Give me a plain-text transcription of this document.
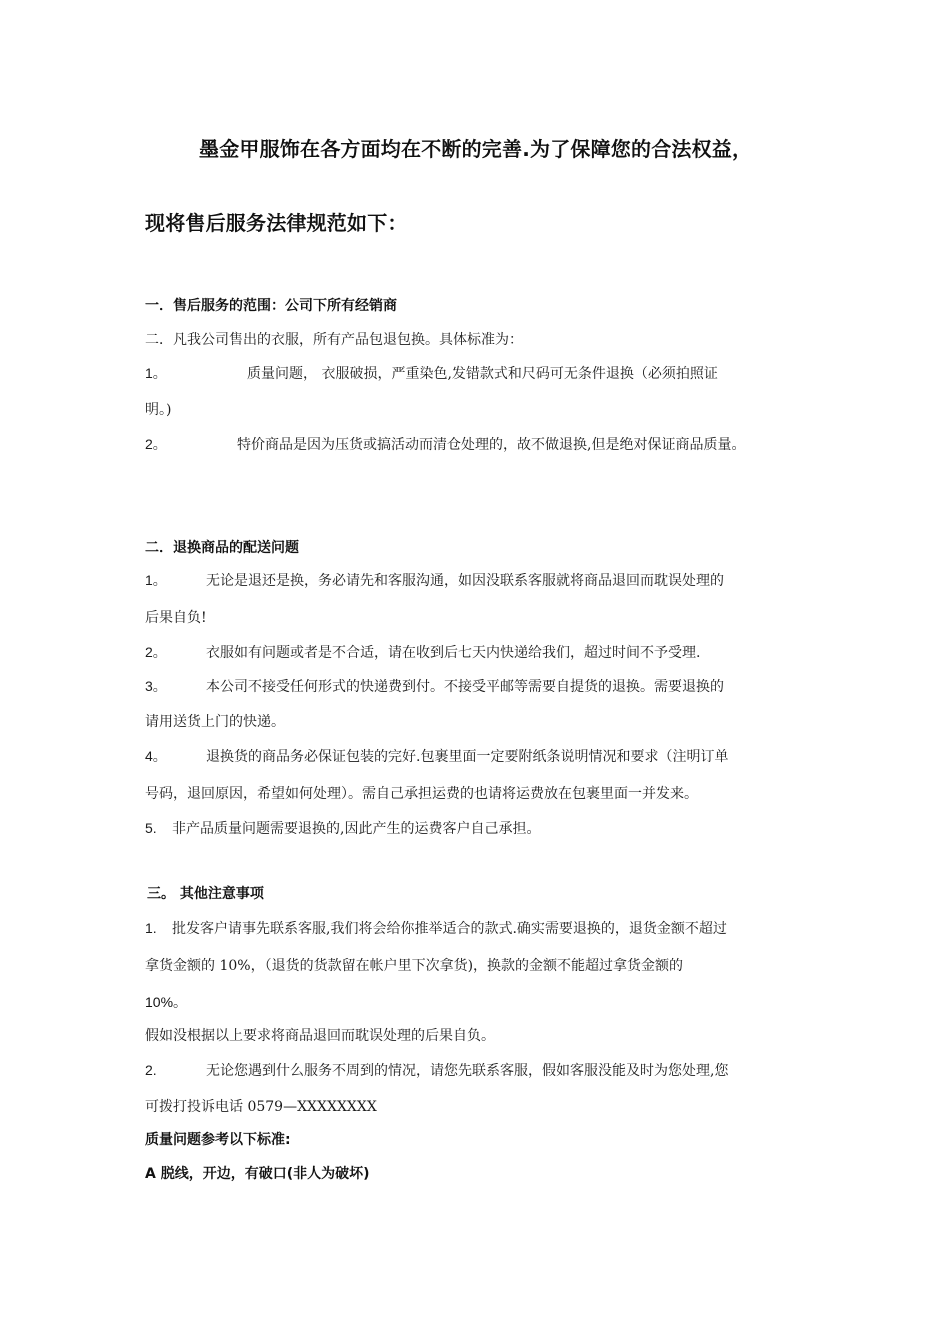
墨金甲服饰在各方面均在不断的完善.为了保障您的合法权益，
现将售后服务法律规范如下：
一．售后服务的范围：公司下所有经销商
二．凡我公司售出的衣服，所有产品包退包换。具体标准为：
1。	质量问题， 衣服破损，严重染色,发错款式和尺码可无条件退换（必须拍照证
明。)
2。	特价商品是因为压货或搞活动而清仓处理的，故不做退换,但是绝对保证商品质量。
二．退换商品的配送问题
1。	无论是退还是换，务必请先和客服沟通，如因没联系客服就将商品退回而耽误处理的
后果自负!
2。	衣服如有问题或者是不合适，请在收到后七天内快递给我们，超过时间不予受理.
3。	本公司不接受任何形式的快递费到付。不接受平邮等需要自提货的退换。需要退换的
请用送货上门的快递。
4。	退换货的商品务必保证包装的完好.包裹里面一定要附纸条说明情况和要求（注明订单
号码，退回原因，希望如何处理）。需自己承担运费的也请将运费放在包裹里面一并发来。
5. 非产品质量问题需要退换的,因此产生的运费客户自己承担。
三。 其他注意事项
1. 批发客户请事先联系客服,我们将会给你推举适合的款式.确实需要退换的，退货金额不超过
拿货金额的 10%，（退货的货款留在帐户里下次拿货)，换款的金额不能超过拿货金额的
10%。
假如没根据以上要求将商品退回而耽误处理的后果自负。
2.	无论您遇到什么服务不周到的情况，请您先联系客服，假如客服没能及时为您处理,您
可拨打投诉电话 0579—XXXXXXXX
质量问题参考以下标准:
A 脱线，开边，有破口(非人为破坏)
